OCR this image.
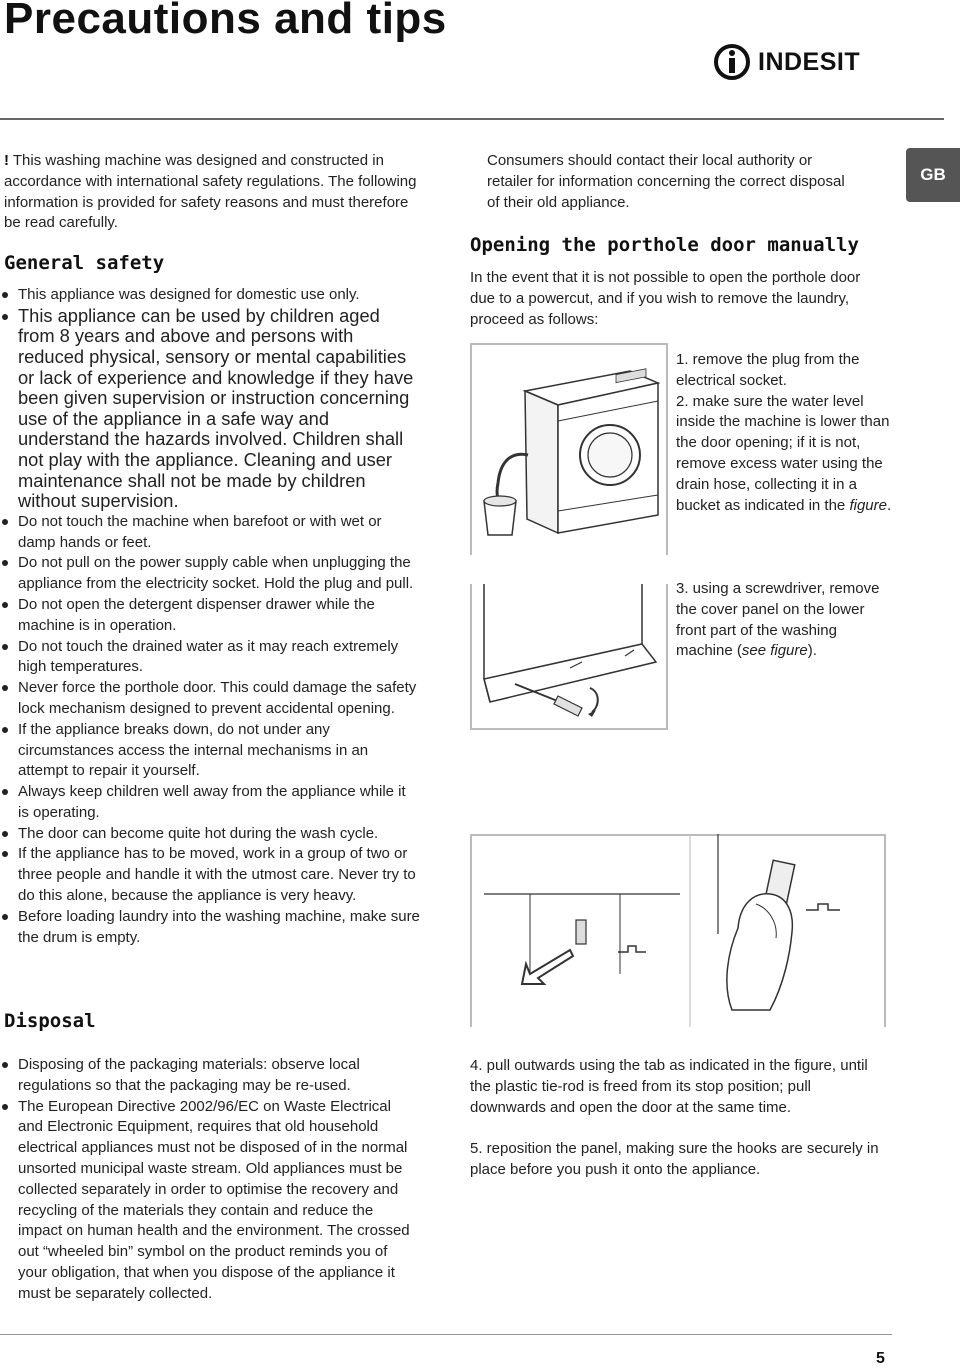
Precautions and tips
INDESIT
GB
! This washing machine was designed and constructed in accordance with international safety regulations. The following information is provided for safety reasons and must therefore be read carefully.
General safety
This appliance was designed for domestic use only.
This appliance can be used by children aged from 8 years and above and persons with reduced physical, sensory or mental capabilities or lack of experience and knowledge if they have been given supervision or instruction concerning use of the appliance in a safe way and understand the hazards involved. Children shall not play with the appliance. Cleaning and user maintenance shall not be made by children without supervision.
Do not touch the machine when barefoot or with wet or damp hands or feet.
Do not pull on the power supply cable when unplugging the appliance from the electricity socket. Hold the plug and pull.
Do not open the detergent dispenser drawer while the machine is in operation.
Do not touch the drained water as it may reach extremely high temperatures.
Never force the porthole door. This could damage the safety lock mechanism designed to prevent accidental opening.
If the appliance breaks down, do not under any circumstances access the internal mechanisms in an attempt to repair it yourself.
Always keep children well away from the appliance while it is operating.
The door can become quite hot during the wash cycle.
If the appliance has to be moved, work in a group of two or three people and handle it with the utmost care. Never try to do this alone, because the appliance is very heavy.
Before loading laundry into the washing machine, make sure the drum is empty.
Disposal
Disposing of the packaging materials: observe local regulations so that the packaging may be re-used.
The European Directive 2002/96/EC on Waste Electrical and Electronic Equipment, requires that old household electrical appliances must not be disposed of in the normal unsorted municipal waste stream. Old appliances must be collected separately in order to optimise the recovery and recycling of the materials they contain and reduce the impact on human health and the environment. The crossed out “wheeled bin” symbol on the product reminds you of your obligation, that when you dispose of the appliance it must be separately collected.
Consumers should contact their local authority or retailer for information concerning the correct disposal of their old appliance.
Opening the porthole door manually
In the event that it is not possible to open the porthole door due to a powercut, and if you wish to remove the laundry, proceed as follows:

1. remove the plug from the electrical socket.

2. make sure the water level inside the machine is lower than the door opening; if it is not, remove excess water using the drain hose, collecting it in a bucket as indicated in the figure.

3. using a screwdriver, remove the cover panel on the lower front part of the washing machine (see figure).

4. pull outwards using the tab as indicated in the figure, until the plastic tie-rod is freed from its stop position; pull downwards and open the door at the same time.
5. reposition the panel, making sure the hooks are securely in place before you push it onto the appliance.
5
